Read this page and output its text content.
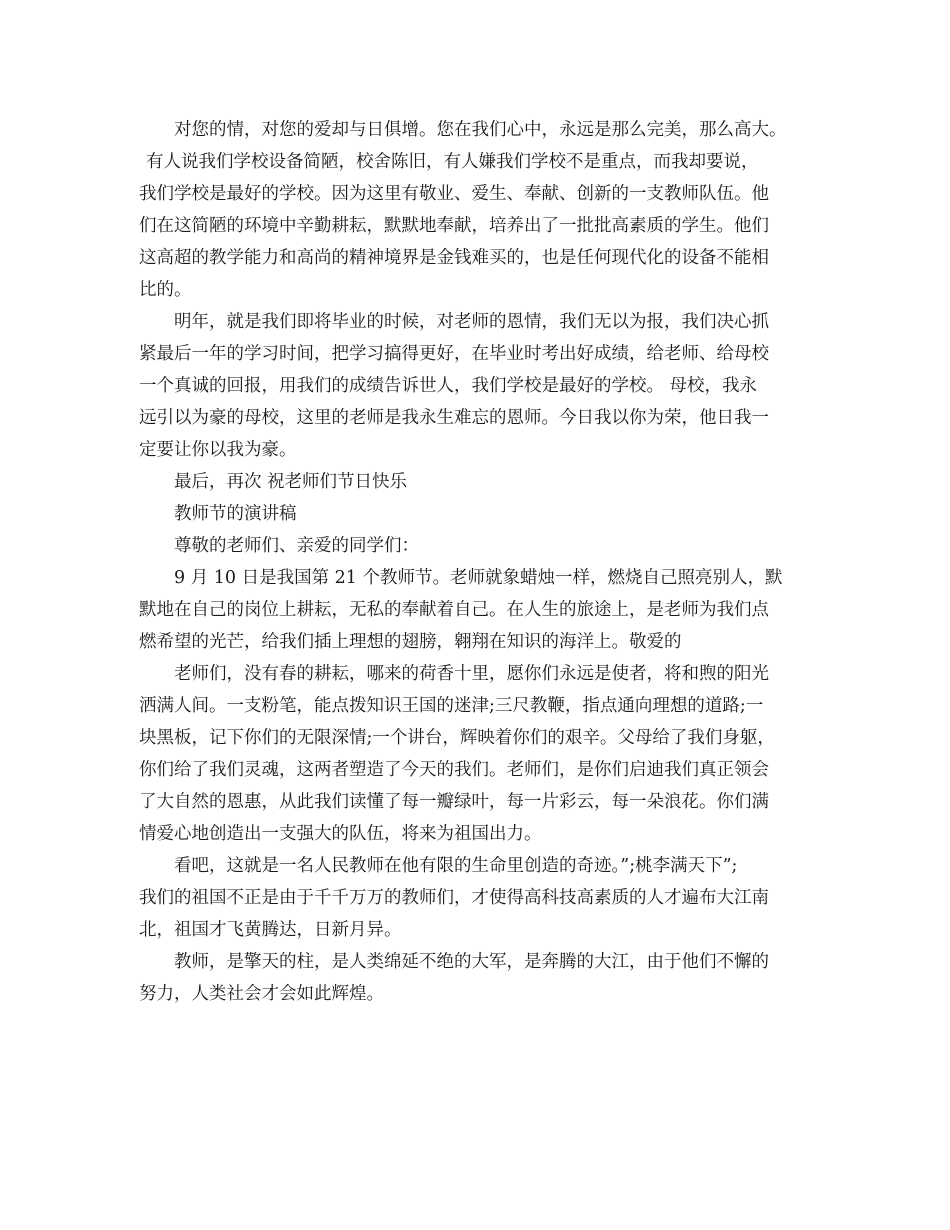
对您的情，对您的爱却与日俱增。您在我们心中，永远是那么完美，那么高大。
有人说我们学校设备简陋，校舍陈旧，有人嫌我们学校不是重点，而我却要说，
我们学校是最好的学校。因为这里有敬业、爱生、奉献、创新的一支教师队伍。他
们在这简陋的环境中辛勤耕耘，默默地奉献，培养出了一批批高素质的学生。他们
这高超的教学能力和高尚的精神境界是金钱难买的，也是任何现代化的设备不能相
比的。
明年，就是我们即将毕业的时候，对老师的恩情，我们无以为报，我们决心抓
紧最后一年的学习时间，把学习搞得更好，在毕业时考出好成绩，给老师、给母校
一个真诚的回报，用我们的成绩告诉世人，我们学校是最好的学校。 母校，我永
远引以为豪的母校，这里的老师是我永生难忘的恩师。今日我以你为荣，他日我一
定要让你以我为豪。
最后，再次 祝老师们节日快乐
教师节的演讲稿
尊敬的老师们、亲爱的同学们：
9 月 10 日是我国第 21 个教师节。老师就象蜡烛一样，燃烧自己照亮别人，默
默地在自己的岗位上耕耘，无私的奉献着自己。在人生的旅途上，是老师为我们点
燃希望的光芒，给我们插上理想的翅膀，翱翔在知识的海洋上。敬爱的
老师们，没有春的耕耘，哪来的荷香十里，愿你们永远是使者，将和煦的阳光
洒满人间。一支粉笔，能点拨知识王国的迷津;三尺教鞭，指点通向理想的道路;一
块黑板，记下你们的无限深情;一个讲台，辉映着你们的艰辛。父母给了我们身躯，
你们给了我们灵魂，这两者塑造了今天的我们。老师们，是你们启迪我们真正领会
了大自然的恩惠，从此我们读懂了每一瓣绿叶，每一片彩云，每一朵浪花。你们满
情爱心地创造出一支强大的队伍，将来为祖国出力。
看吧，这就是一名人民教师在他有限的生命里创造的奇迹。”;桃李满天下”;
我们的祖国不正是由于千千万万的教师们，才使得高科技高素质的人才遍布大江南
北，祖国才飞黄腾达，日新月异。
教师，是擎天的柱，是人类绵延不绝的大军，是奔腾的大江，由于他们不懈的
努力，人类社会才会如此辉煌。
